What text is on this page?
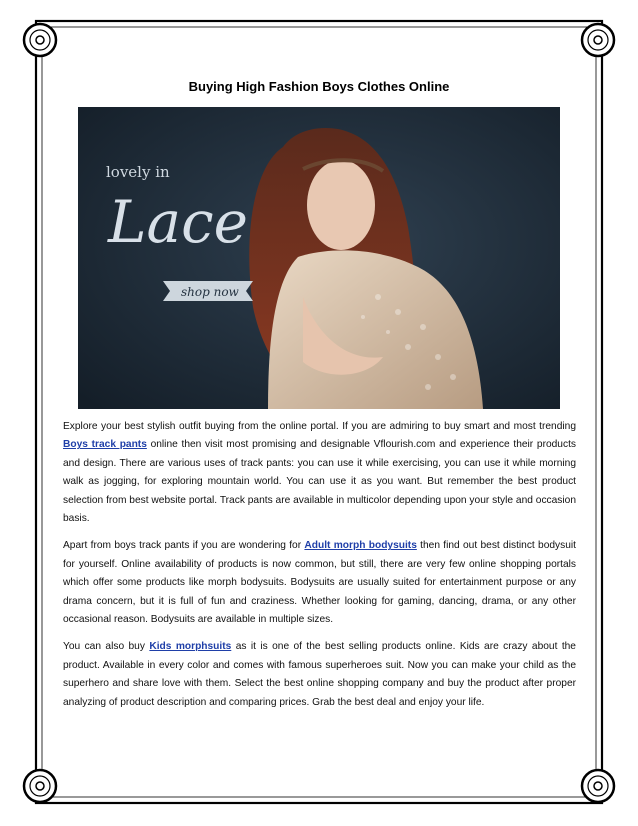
Buying High Fashion Boys Clothes Online
lovely in
Lace
shop now

Explore your best stylish outfit buying from the online portal. If you are admiring to buy smart and most trending Boys track pants online then visit most promising and designable Vflourish.com and experience their products and design. There are various uses of track pants: you can use it while exercising, you can use it while morning walk as jogging, for exploring mountain world. You can use it as you want. But remember the best product selection from best website portal. Track pants are available in multicolor depending upon your style and occasion basis.

Apart from boys track pants if you are wondering for Adult morph bodysuits then find out best distinct bodysuit for yourself. Online availability of products is now common, but still, there are very few online shopping portals which offer some products like morph bodysuits. Bodysuits are usually suited for entertainment purpose or any drama concern, but it is full of fun and craziness. Whether looking for gaming, dancing, drama, or any other occasional reason. Bodysuits are available in multiple sizes.

You can also buy Kids morphsuits as it is one of the best selling products online. Kids are crazy about the product. Available in every color and comes with famous superheroes suit. Now you can make your child as the superhero and share love with them. Select the best online shopping company and buy the product after proper analyzing of product description and comparing prices. Grab the best deal and enjoy your life.
